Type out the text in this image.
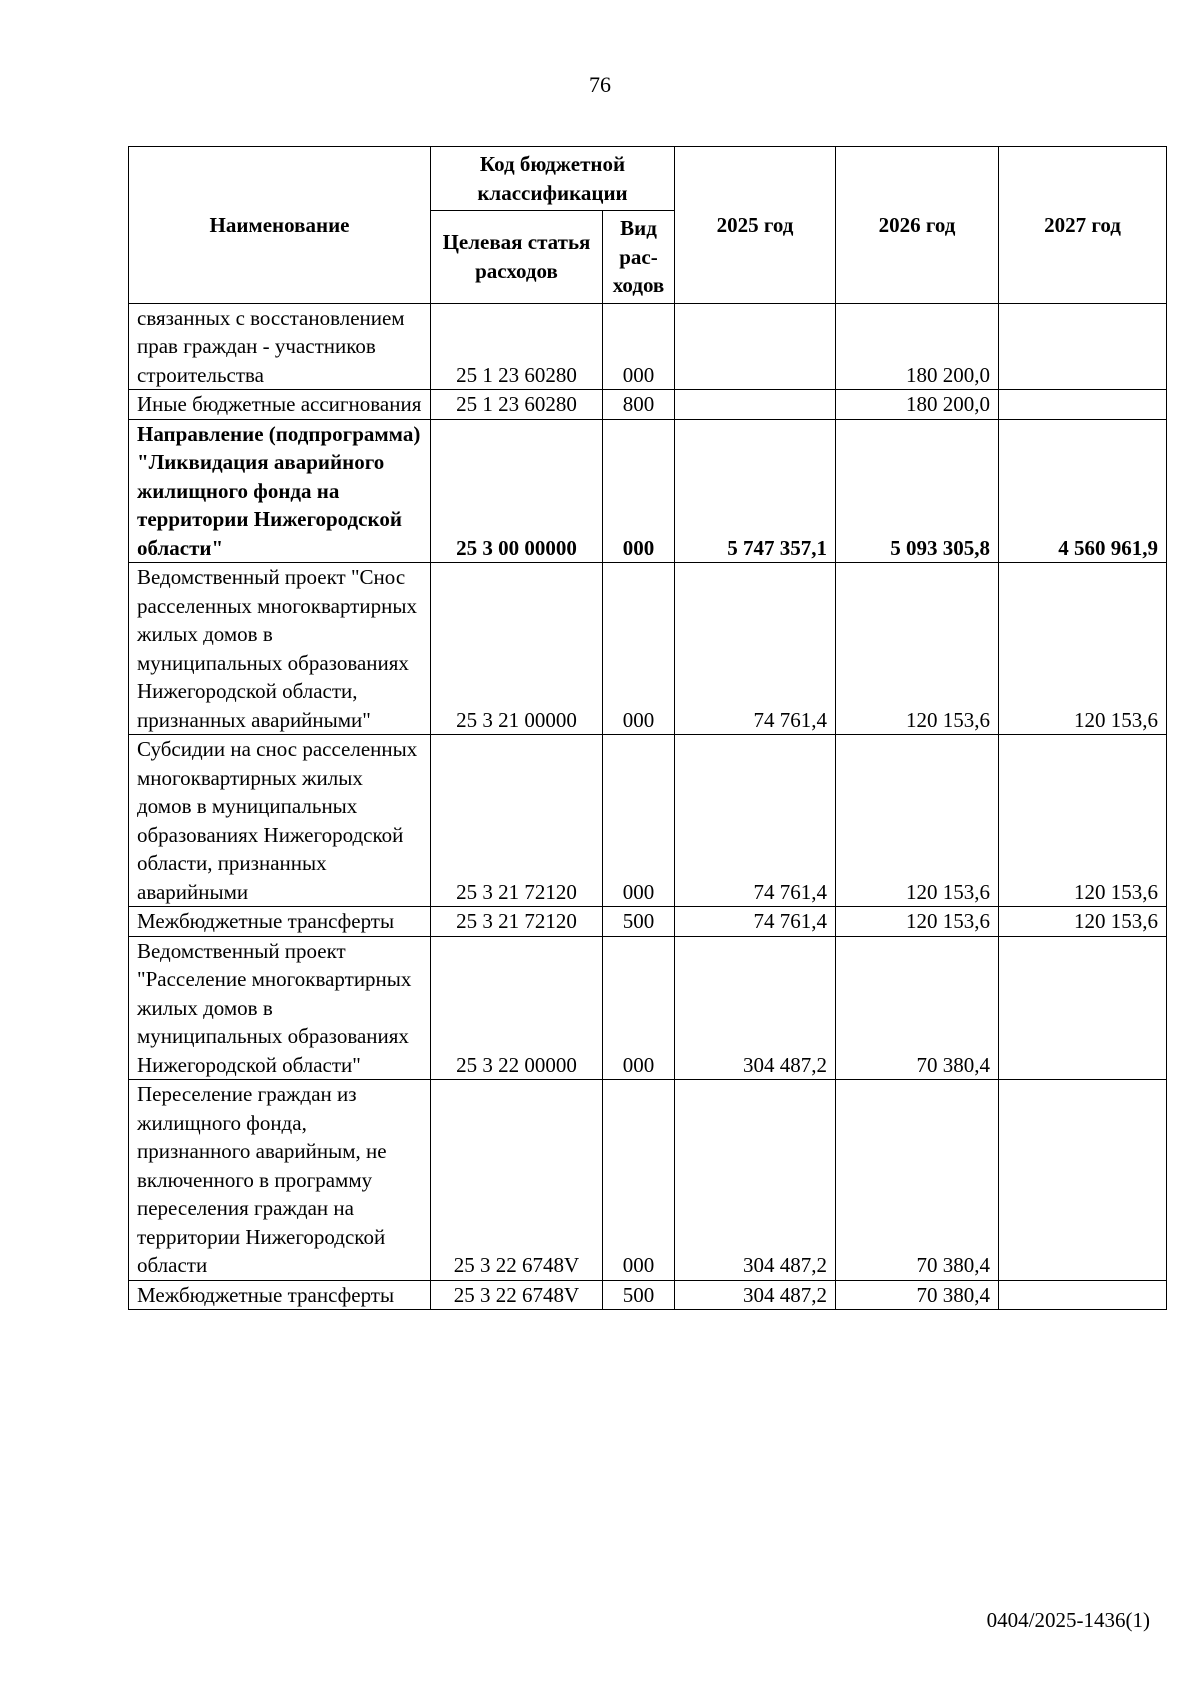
76
Наименование	Код бюджетной классификации		2025 год	2026 год	2027 год
	Целевая статья расходов	Вид рас-ходов			
связанных с восстановлением прав граждан - участников строительства	25 1 23 60280	000		180 200,0	
Иные бюджетные ассигнования	25 1 23 60280	800		180 200,0	
Направление (подпрограмма) "Ликвидация аварийного жилищного фонда на территории Нижегородской области"	25 3 00 00000	000	5 747 357,1	5 093 305,8	4 560 961,9
Ведомственный проект "Снос расселенных многоквартирных жилых домов в муниципальных образованиях Нижегородской области, признанных аварийными"	25 3 21 00000	000	74 761,4	120 153,6	120 153,6
Субсидии на снос расселенных многоквартирных жилых домов в муниципальных образованиях Нижегородской области, признанных аварийными	25 3 21 72120	000	74 761,4	120 153,6	120 153,6
Межбюджетные трансферты	25 3 21 72120	500	74 761,4	120 153,6	120 153,6
Ведомственный проект "Расселение многоквартирных жилых домов в муниципальных образованиях Нижегородской области"	25 3 22 00000	000	304 487,2	70 380,4	
Переселение граждан из жилищного фонда, признанного аварийным, не включенного в программу переселения граждан на территории Нижегородской области	25 3 22 6748V	000	304 487,2	70 380,4	
Межбюджетные трансферты	25 3 22 6748V	500	304 487,2	70 380,4	
0404/2025-1436(1)
